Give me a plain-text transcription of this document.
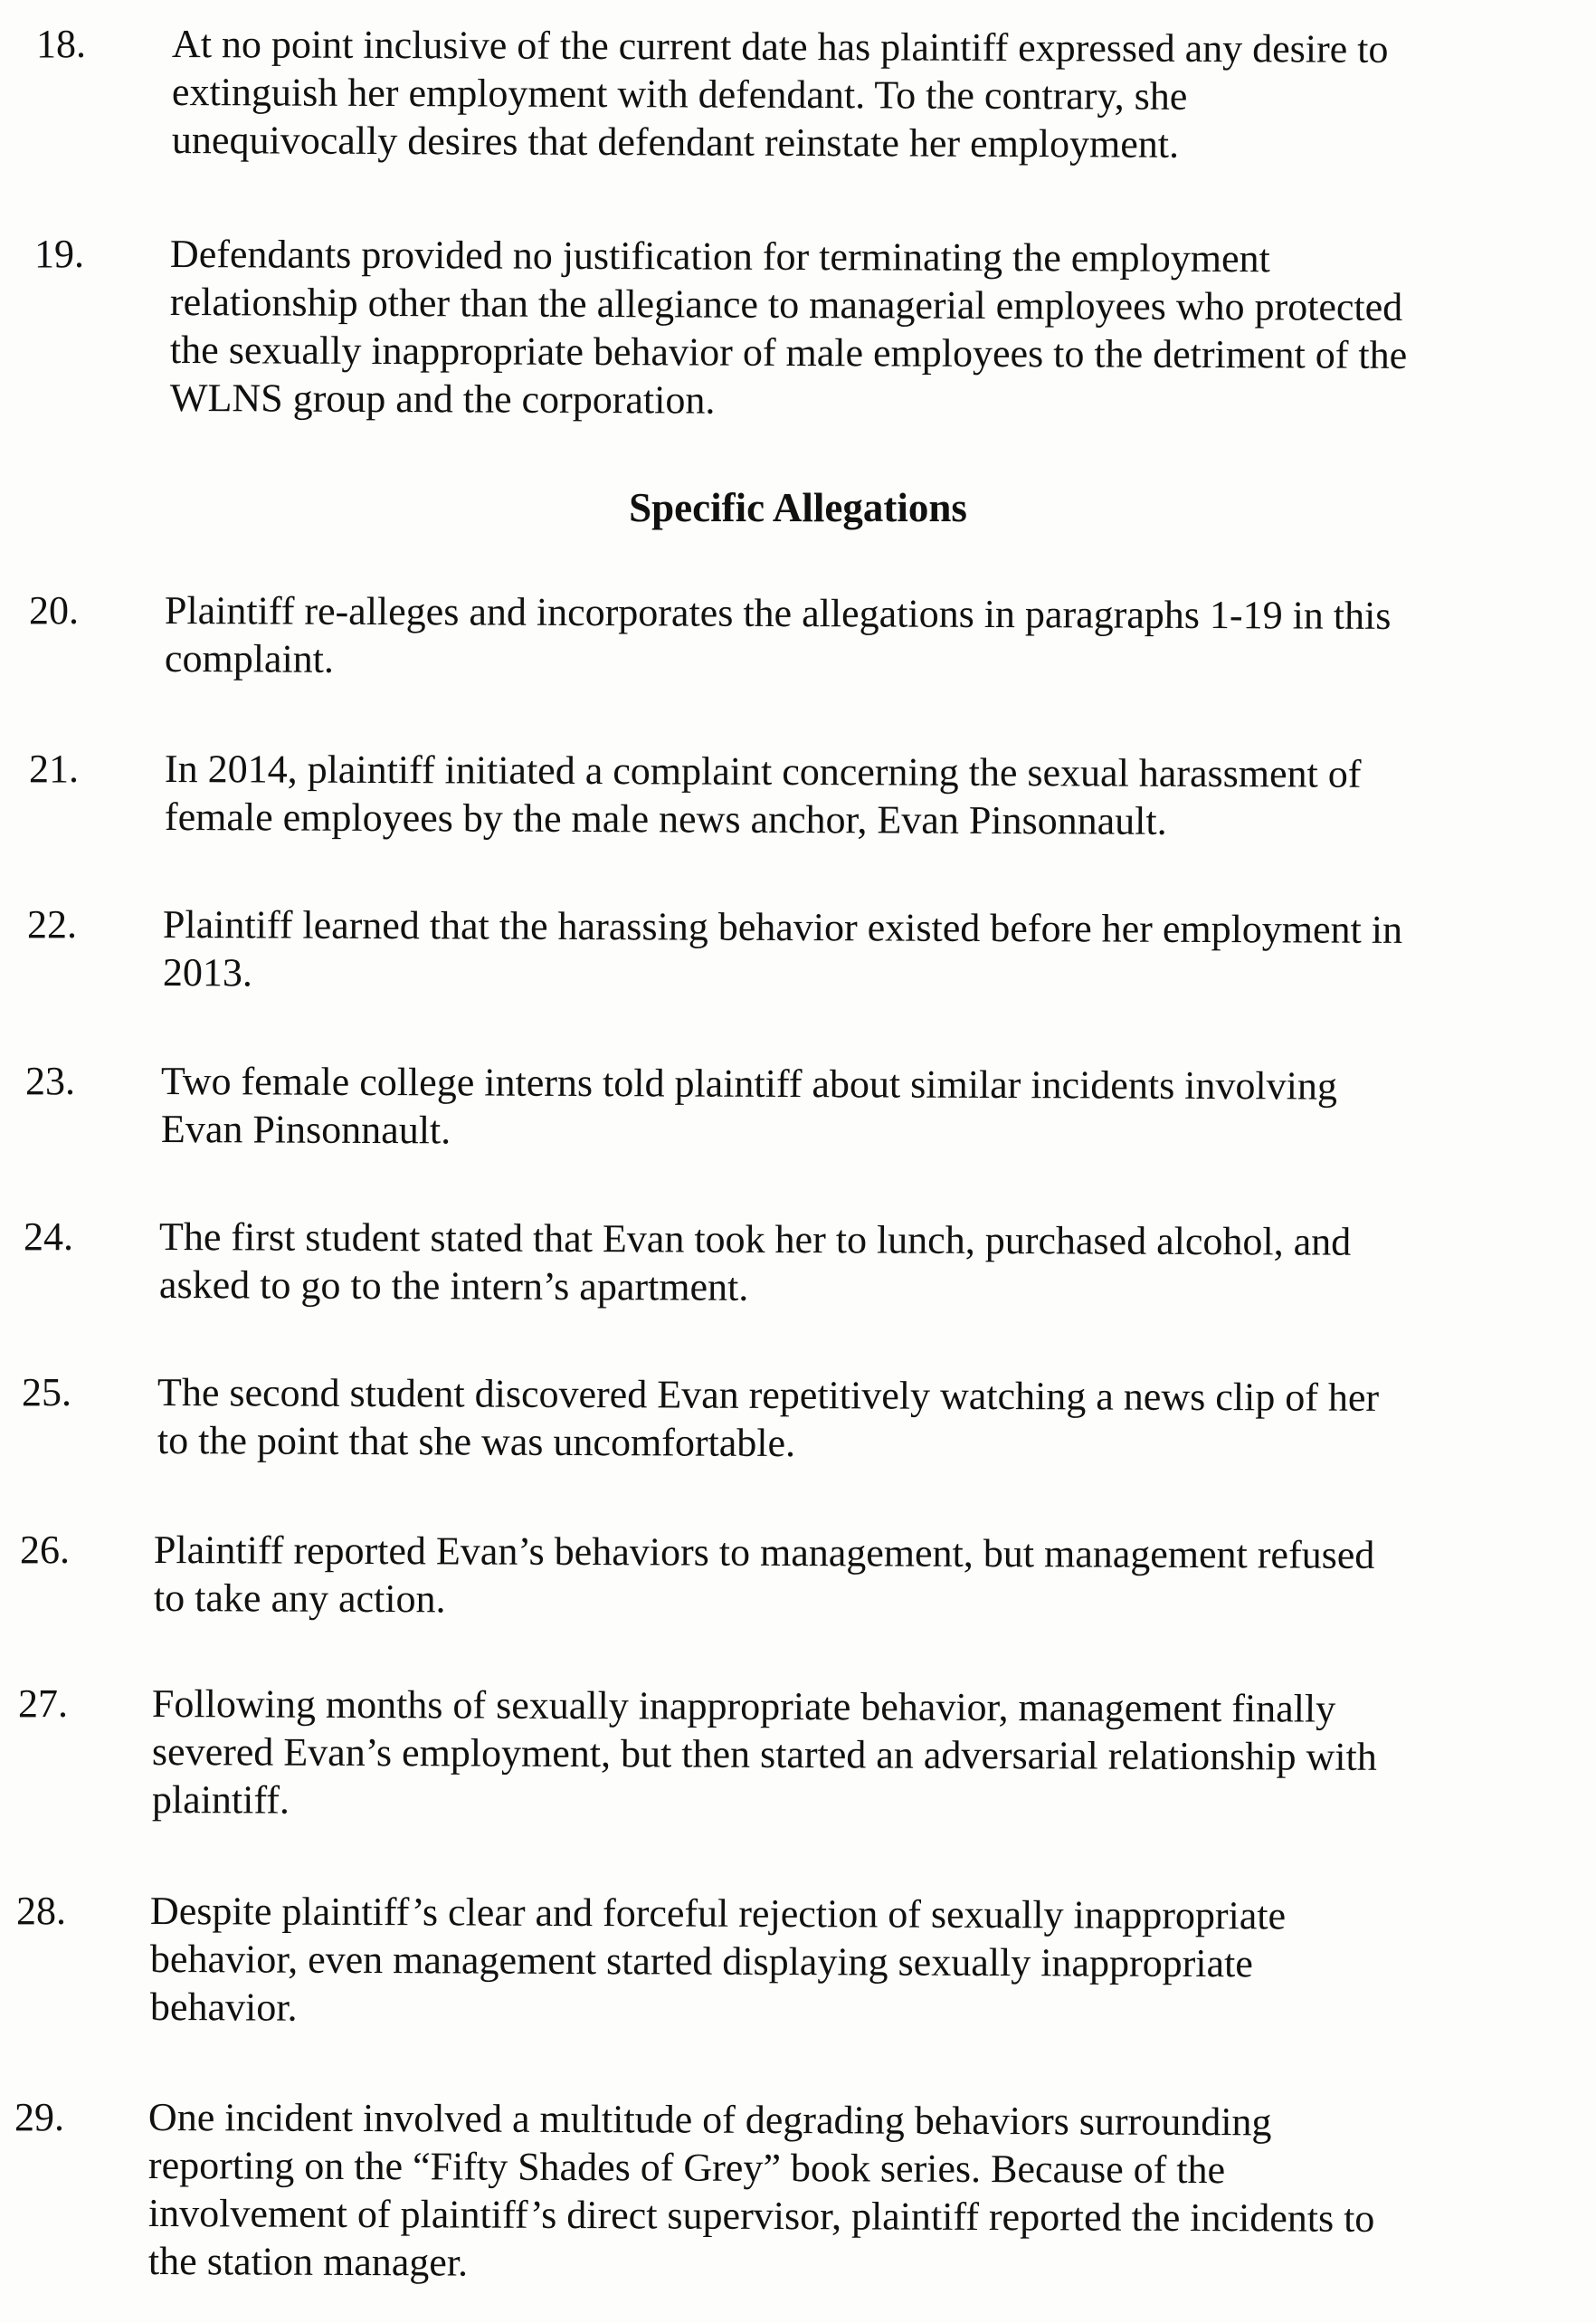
18.	At no point inclusive of the current date has plaintiff expressed any desire to
extinguish her employment with defendant. To the contrary, she
unequivocally desires that defendant reinstate her employment.
19.	Defendants provided no justification for terminating the employment
relationship other than the allegiance to managerial employees who protected
the sexually inappropriate behavior of male employees to the detriment of the
WLNS group and the corporation.
Specific Allegations
20.	Plaintiff re-alleges and incorporates the allegations in paragraphs 1-19 in this
complaint.
21.	In 2014, plaintiff initiated a complaint concerning the sexual harassment of
female employees by the male news anchor, Evan Pinsonnault.
22.	Plaintiff learned that the harassing behavior existed before her employment in
2013.
23.	Two female college interns told plaintiff about similar incidents involving
Evan Pinsonnault.
24.	The first student stated that Evan took her to lunch, purchased alcohol, and
asked to go to the intern’s apartment.
25.	The second student discovered Evan repetitively watching a news clip of her
to the point that she was uncomfortable.
26.	Plaintiff reported Evan’s behaviors to management, but management refused
to take any action.
27.	Following months of sexually inappropriate behavior, management finally
severed Evan’s employment, but then started an adversarial relationship with
plaintiff.
28.	Despite plaintiff’s clear and forceful rejection of sexually inappropriate
behavior, even management started displaying sexually inappropriate
behavior.
29.	One incident involved a multitude of degrading behaviors surrounding
reporting on the “Fifty Shades of Grey” book series. Because of the
involvement of plaintiff’s direct supervisor, plaintiff reported the incidents to
the station manager.
